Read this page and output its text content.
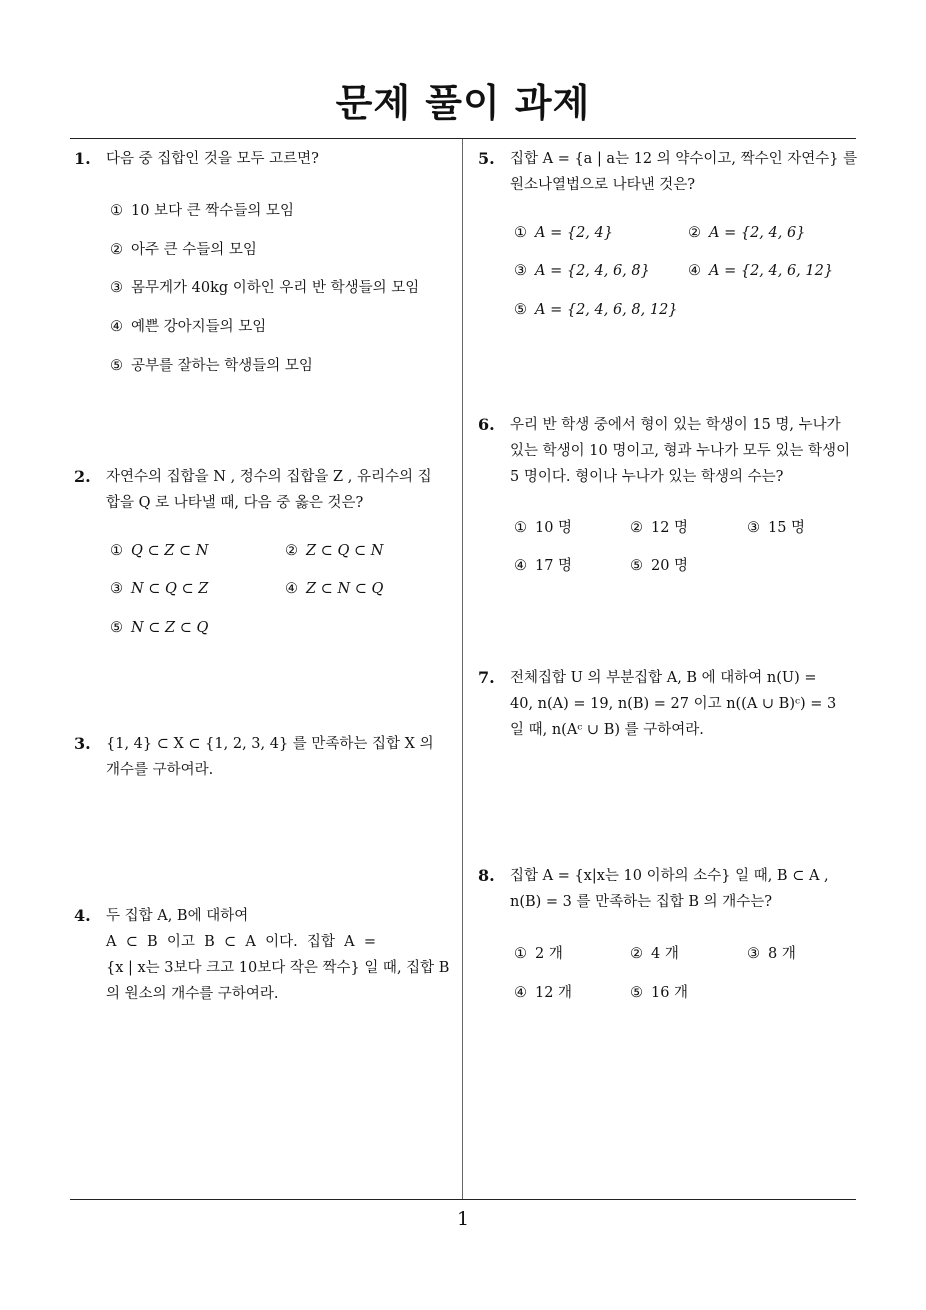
문제 풀이 과제
1. 다음 중 집합인 것을 모두 고르면?
① 10 보다 큰 짝수들의 모임
② 아주 큰 수들의 모임
③ 몸무게가 40kg 이하인 우리 반 학생들의 모임
④ 예쁜 강아지들의 모임
⑤ 공부를 잘하는 학생들의 모임
2. 자연수의 집합을 N , 정수의 집합을 Z , 유리수의 집
합을 Q 로 나타낼 때, 다음 중 옳은 것은?
① Q ⊂ Z ⊂ N	② Z ⊂ Q ⊂ N
③ N ⊂ Q ⊂ Z	④ Z ⊂ N ⊂ Q
⑤ N ⊂ Z ⊂ Q
3. {1, 4} ⊂ X ⊂ {1, 2, 3, 4} 를 만족하는 집합 X 의
개수를 구하여라.
4. 두 집합 A, B에 대하여
A  ⊂  B  이고  B  ⊂  A  이다.  집합  A  =
{x | x는 3보다 크고 10보다 작은 짝수} 일 때, 집합 B
의 원소의 개수를 구하여라.
5. 집합 A = {a | a는 12 의 약수이고, 짝수인 자연수} 를
원소나열법으로 나타낸 것은?
① A = {2, 4}	② A = {2, 4, 6}
③ A = {2, 4, 6, 8}	④ A = {2, 4, 6, 12}
⑤ A = {2, 4, 6, 8, 12}
6. 우리 반 학생 중에서 형이 있는 학생이 15 명, 누나가
있는 학생이 10 명이고, 형과 누나가 모두 있는 학생이
5 명이다. 형이나 누나가 있는 학생의 수는?
① 10 명	② 12 명	③ 15 명
④ 17 명	⑤ 20 명
7. 전체집합 U 의 부분집합 A, B 에 대하여 n(U) =
40, n(A) = 19, n(B) = 27 이고 n((A ∪ B)ᶜ) = 3
일 때, n(Aᶜ ∪ B) 를 구하여라.
8. 집합 A = {x|x는 10 이하의 소수} 일 때, B ⊂ A ,
n(B) = 3 를 만족하는 집합 B 의 개수는?
① 2 개	② 4 개	③ 8 개
④ 12 개	⑤ 16 개
1
